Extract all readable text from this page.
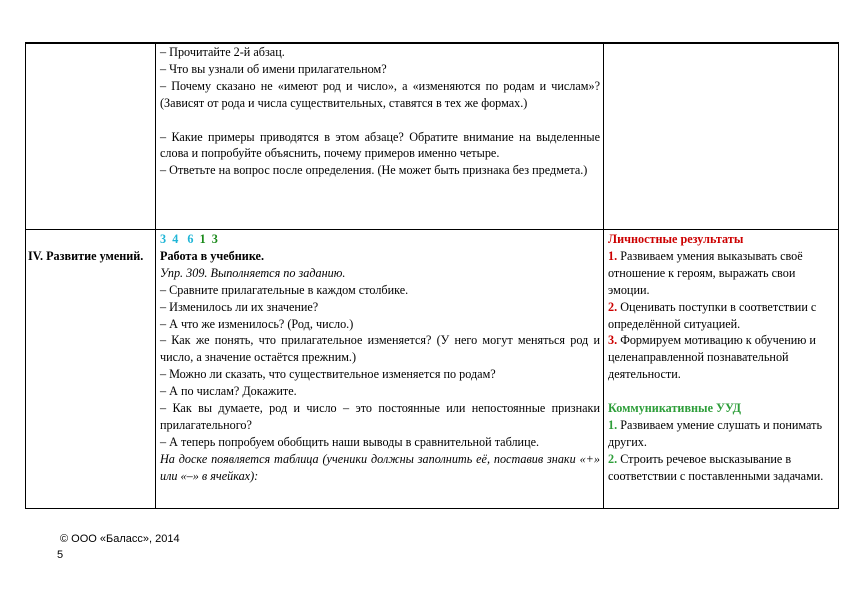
– Прочитайте 2-й абзац.

– Что вы узнали об имени прилагательном?

– Почему сказано не «имеют род и число», а «изменяются по родам и числам»? (Зависят от рода и числа существительных, ставятся в тех же формах.)

– Какие примеры приводятся в этом абзаце? Обратите внимание на выделенные слова и попробуйте объяснить, почему примеров именно четыре.

– Ответьте на вопрос после определения. (Не может быть признака без предмета.)

IV. Развитие умений.

3 4 6 1 3

Работа в учебнике.

Упр. 309. Выполняется по заданию.

– Сравните прилагательные в каждом столбике.

– Изменилось ли их значение?

– А что же изменилось? (Род, число.)

– Как же понять, что прилагательное изменяется? (У него могут меняться род и число, а значение остаётся прежним.)

– Можно ли сказать, что существительное изменяется по родам?

– А по числам? Докажите.

– Как вы думаете, род и число – это постоянные или непостоянные признаки прилагательного?

– А теперь попробуем обобщить наши выводы в сравнительной таблице.

На доске появляется таблица (ученики должны заполнить её, поставив знаки «+» или «–» в ячейках):

Личностные результаты

1. Развиваем умения выказывать своё отношение к героям, выражать свои эмоции.

2. Оценивать поступки в соответствии с определённой ситуацией.

3. Формируем мотивацию к обучению и целенаправленной познавательной деятельности.

Коммуникативные УУД

1. Развиваем умение слушать и понимать других.

2. Строить речевое высказывание в соответствии с поставленными задачами.

© ООО «Баласс», 2014
5
